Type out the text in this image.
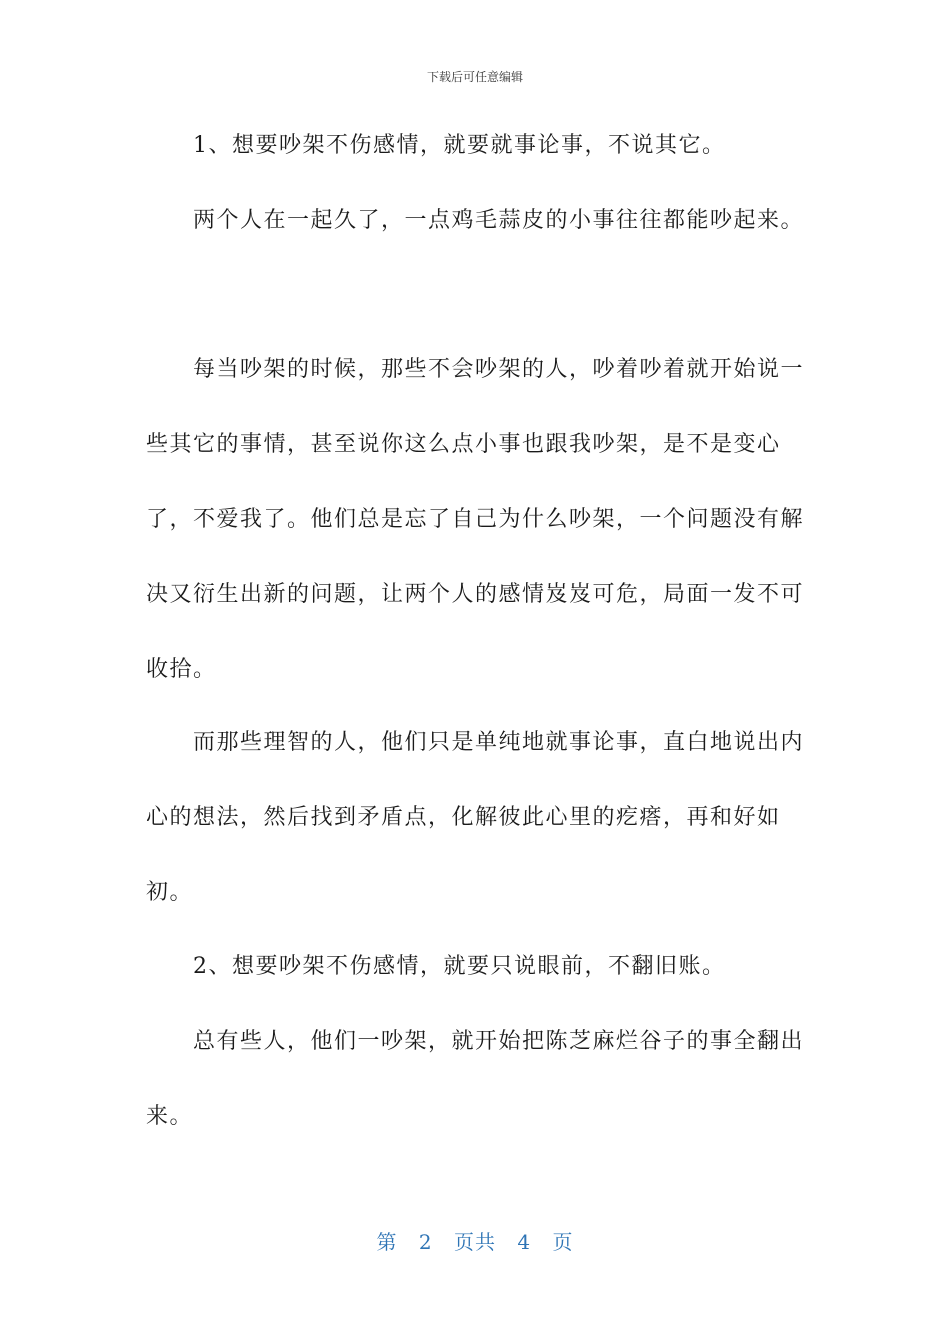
下载后可任意编辑

1、想要吵架不伤感情，就要就事论事，不说其它。

两个人在一起久了，一点鸡毛蒜皮的小事往往都能吵起来。

每当吵架的时候，那些不会吵架的人，吵着吵着就开始说一些其它的事情，甚至说你这么点小事也跟我吵架，是不是变心了，不爱我了。他们总是忘了自己为什么吵架，一个问题没有解决又衍生出新的问题，让两个人的感情岌岌可危，局面一发不可收拾。

而那些理智的人，他们只是单纯地就事论事，直白地说出内心的想法，然后找到矛盾点，化解彼此心里的疙瘩，再和好如初。

2、想要吵架不伤感情，就要只说眼前，不翻旧账。

总有些人，他们一吵架，就开始把陈芝麻烂谷子的事全翻出来。

第 2 页共 4 页
